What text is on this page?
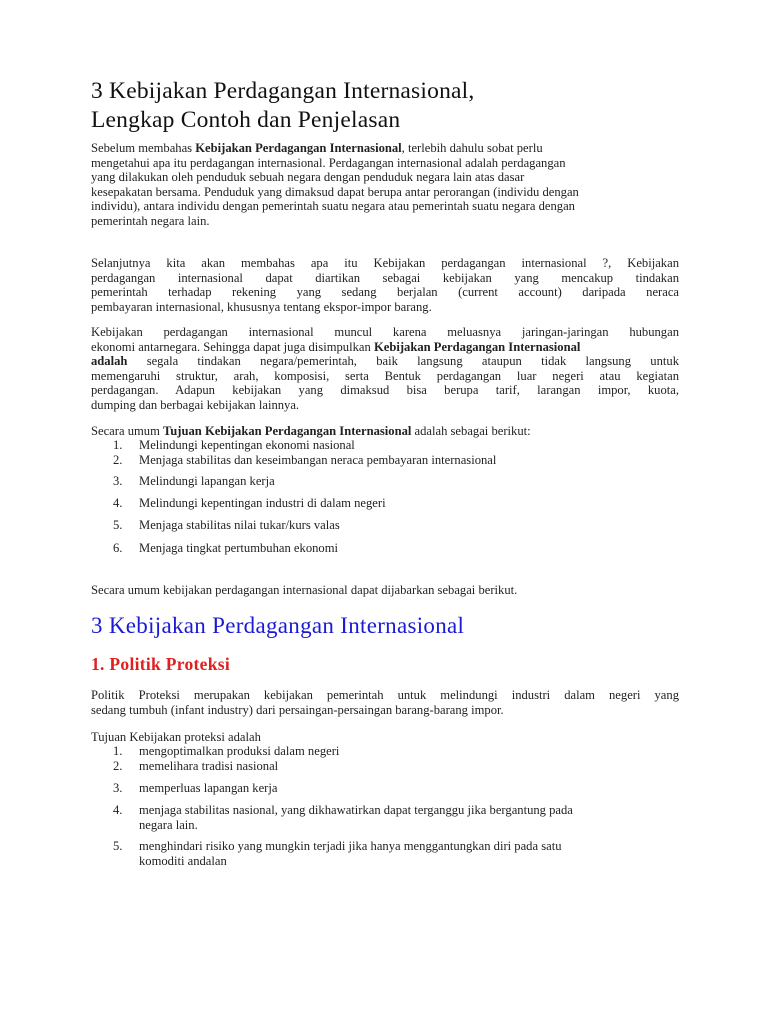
3 Kebijakan Perdagangan Internasional,
Lengkap Contoh dan Penjelasan
Sebelum membahas Kebijakan Perdagangan Internasional, terlebih dahulu sobat perlu
mengetahui apa itu perdagangan internasional. Perdagangan internasional adalah perdagangan
yang dilakukan oleh penduduk sebuah negara dengan penduduk negara lain atas dasar
kesepakatan bersama. Penduduk yang dimaksud dapat berupa antar perorangan (individu dengan
individu), antara individu dengan pemerintah suatu negara atau pemerintah suatu negara dengan
pemerintah negara lain.
Selanjutnya kita akan membahas apa itu Kebijakan perdagangan internasional ?, Kebijakan
perdagangan internasional dapat diartikan sebagai kebijakan yang mencakup tindakan
pemerintah terhadap rekening yang sedang berjalan (current account) daripada neraca
pembayaran internasional, khususnya tentang ekspor-impor barang.
Kebijakan perdagangan internasional muncul karena meluasnya jaringan-jaringan hubungan
ekonomi antarnegara. Sehingga dapat juga disimpulkan Kebijakan Perdagangan Internasional
adalah segala tindakan negara/pemerintah, baik langsung ataupun tidak langsung untuk
memengaruhi struktur, arah, komposisi, serta Bentuk perdagangan luar negeri atau kegiatan
perdagangan. Adapun kebijakan yang dimaksud bisa berupa tarif, larangan impor, kuota,
dumping dan berbagai kebijakan lainnya.
Secara umum Tujuan Kebijakan Perdagangan Internasional adalah sebagai berikut:
1. Melindungi kepentingan ekonomi nasional
2. Menjaga stabilitas dan keseimbangan neraca pembayaran internasional
3. Melindungi lapangan kerja
4. Melindungi kepentingan industri di dalam negeri
5. Menjaga stabilitas nilai tukar/kurs valas
6. Menjaga tingkat pertumbuhan ekonomi
Secara umum kebijakan perdagangan internasional dapat dijabarkan sebagai berikut.
3 Kebijakan Perdagangan Internasional
1. Politik Proteksi
Politik Proteksi merupakan kebijakan pemerintah untuk melindungi industri dalam negeri yang
sedang tumbuh (infant industry) dari persaingan-persaingan barang-barang impor.
Tujuan Kebijakan proteksi adalah
1. mengoptimalkan produksi dalam negeri
2. memelihara tradisi nasional
3. memperluas lapangan kerja
4. menjaga stabilitas nasional, yang dikhawatirkan dapat terganggu jika bergantung pada
negara lain.
5. menghindari risiko yang mungkin terjadi jika hanya menggantungkan diri pada satu
komoditi andalan
